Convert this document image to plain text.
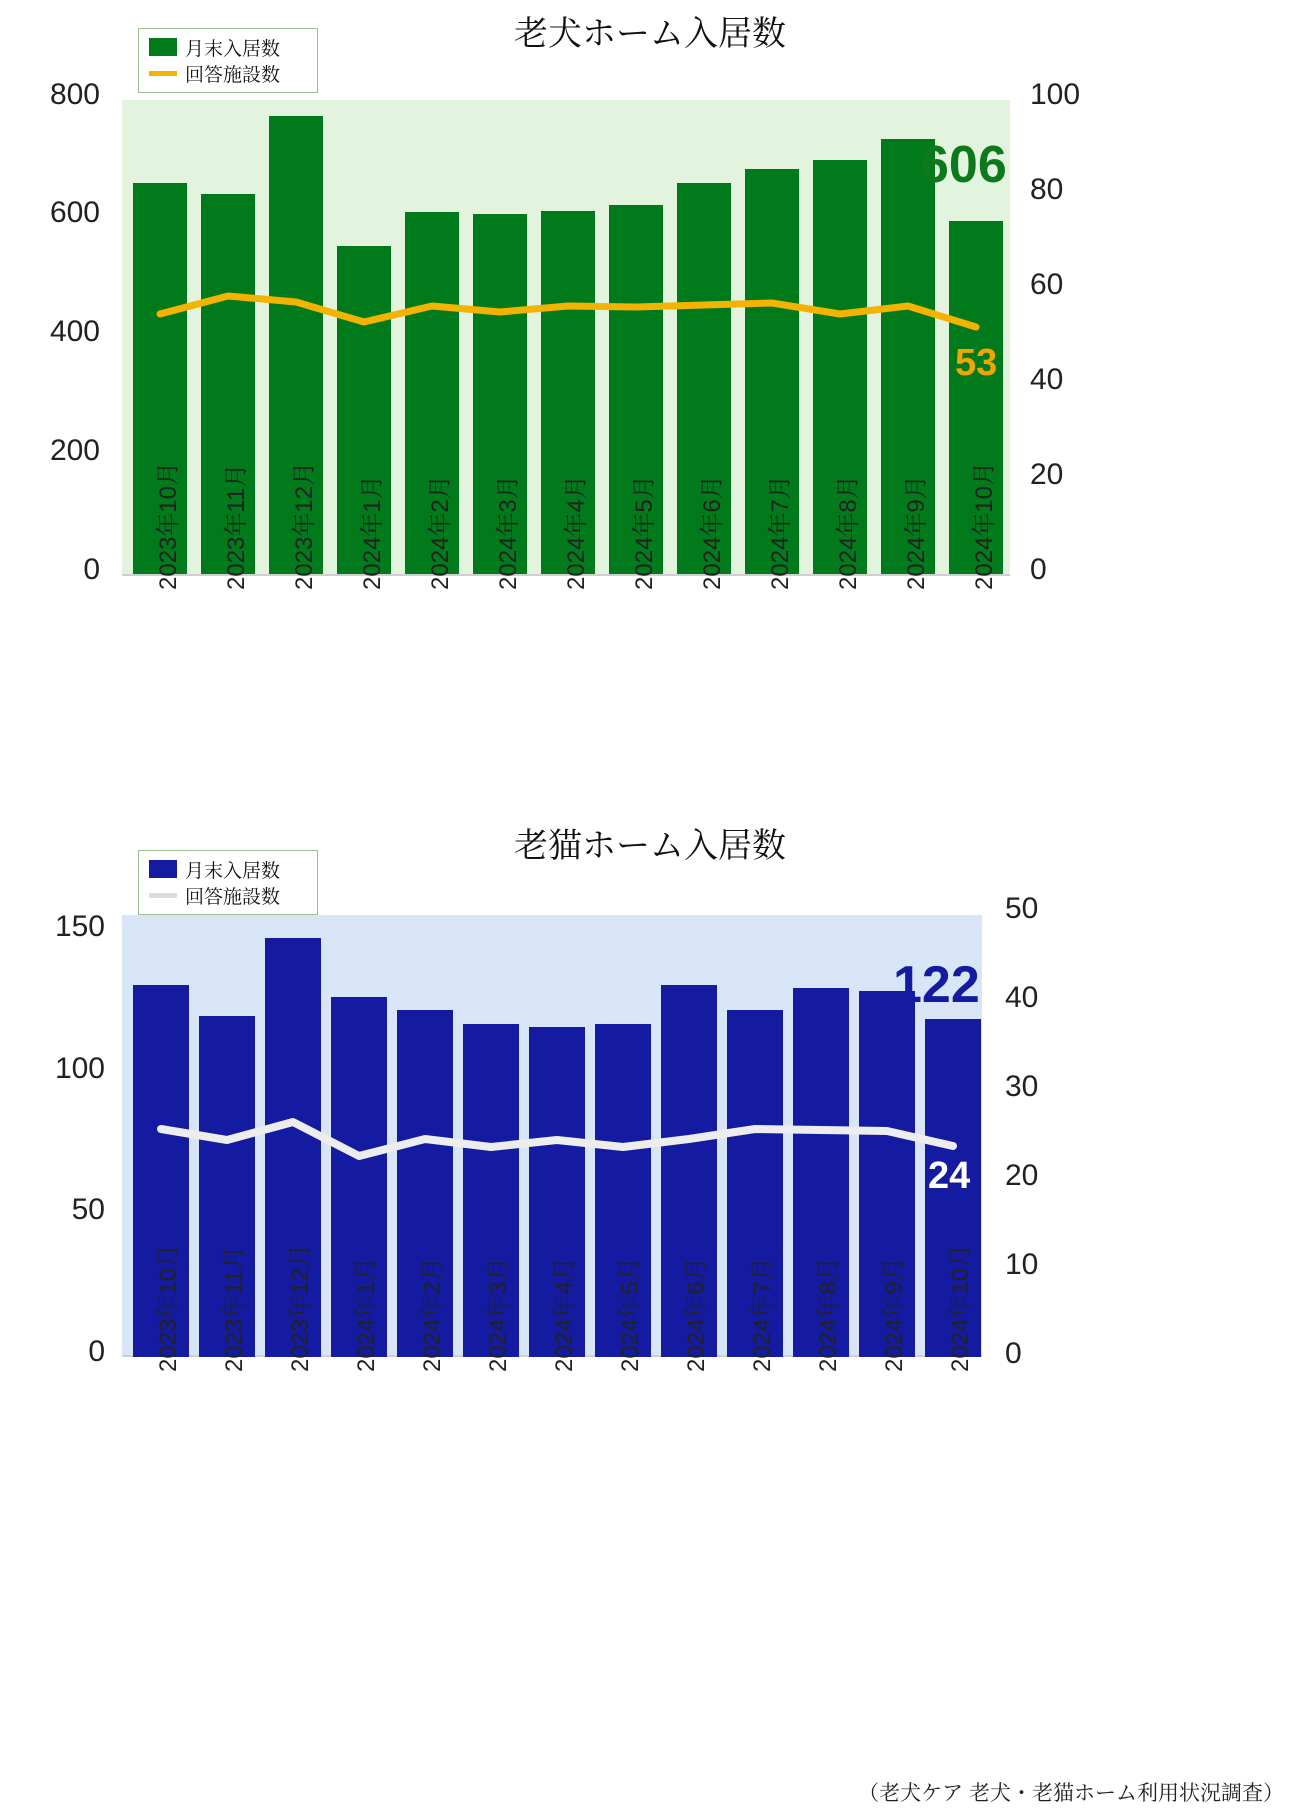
老犬ホーム入居数
800
600
400
200
0
100
80
60
40
20
0
月末入居数
回答施設数
606
53
2023年10月 2023年11月 2023年12月 2024年1月 2024年2月 2024年3月 2024年4月 2024年5月 2024年6月 2024年7月 2024年8月 2024年9月 2024年10月
老猫ホーム入居数
150
100
50
0
50
40
30
20
10
0
月末入居数
回答施設数
122
24
2023年10月 2023年11月 2023年12月 2024年1月 2024年2月 2024年3月 2024年4月 2024年5月 2024年6月 2024年7月 2024年8月 2024年9月 2024年10月
（老犬ケア 老犬・老猫ホーム利用状況調査）
